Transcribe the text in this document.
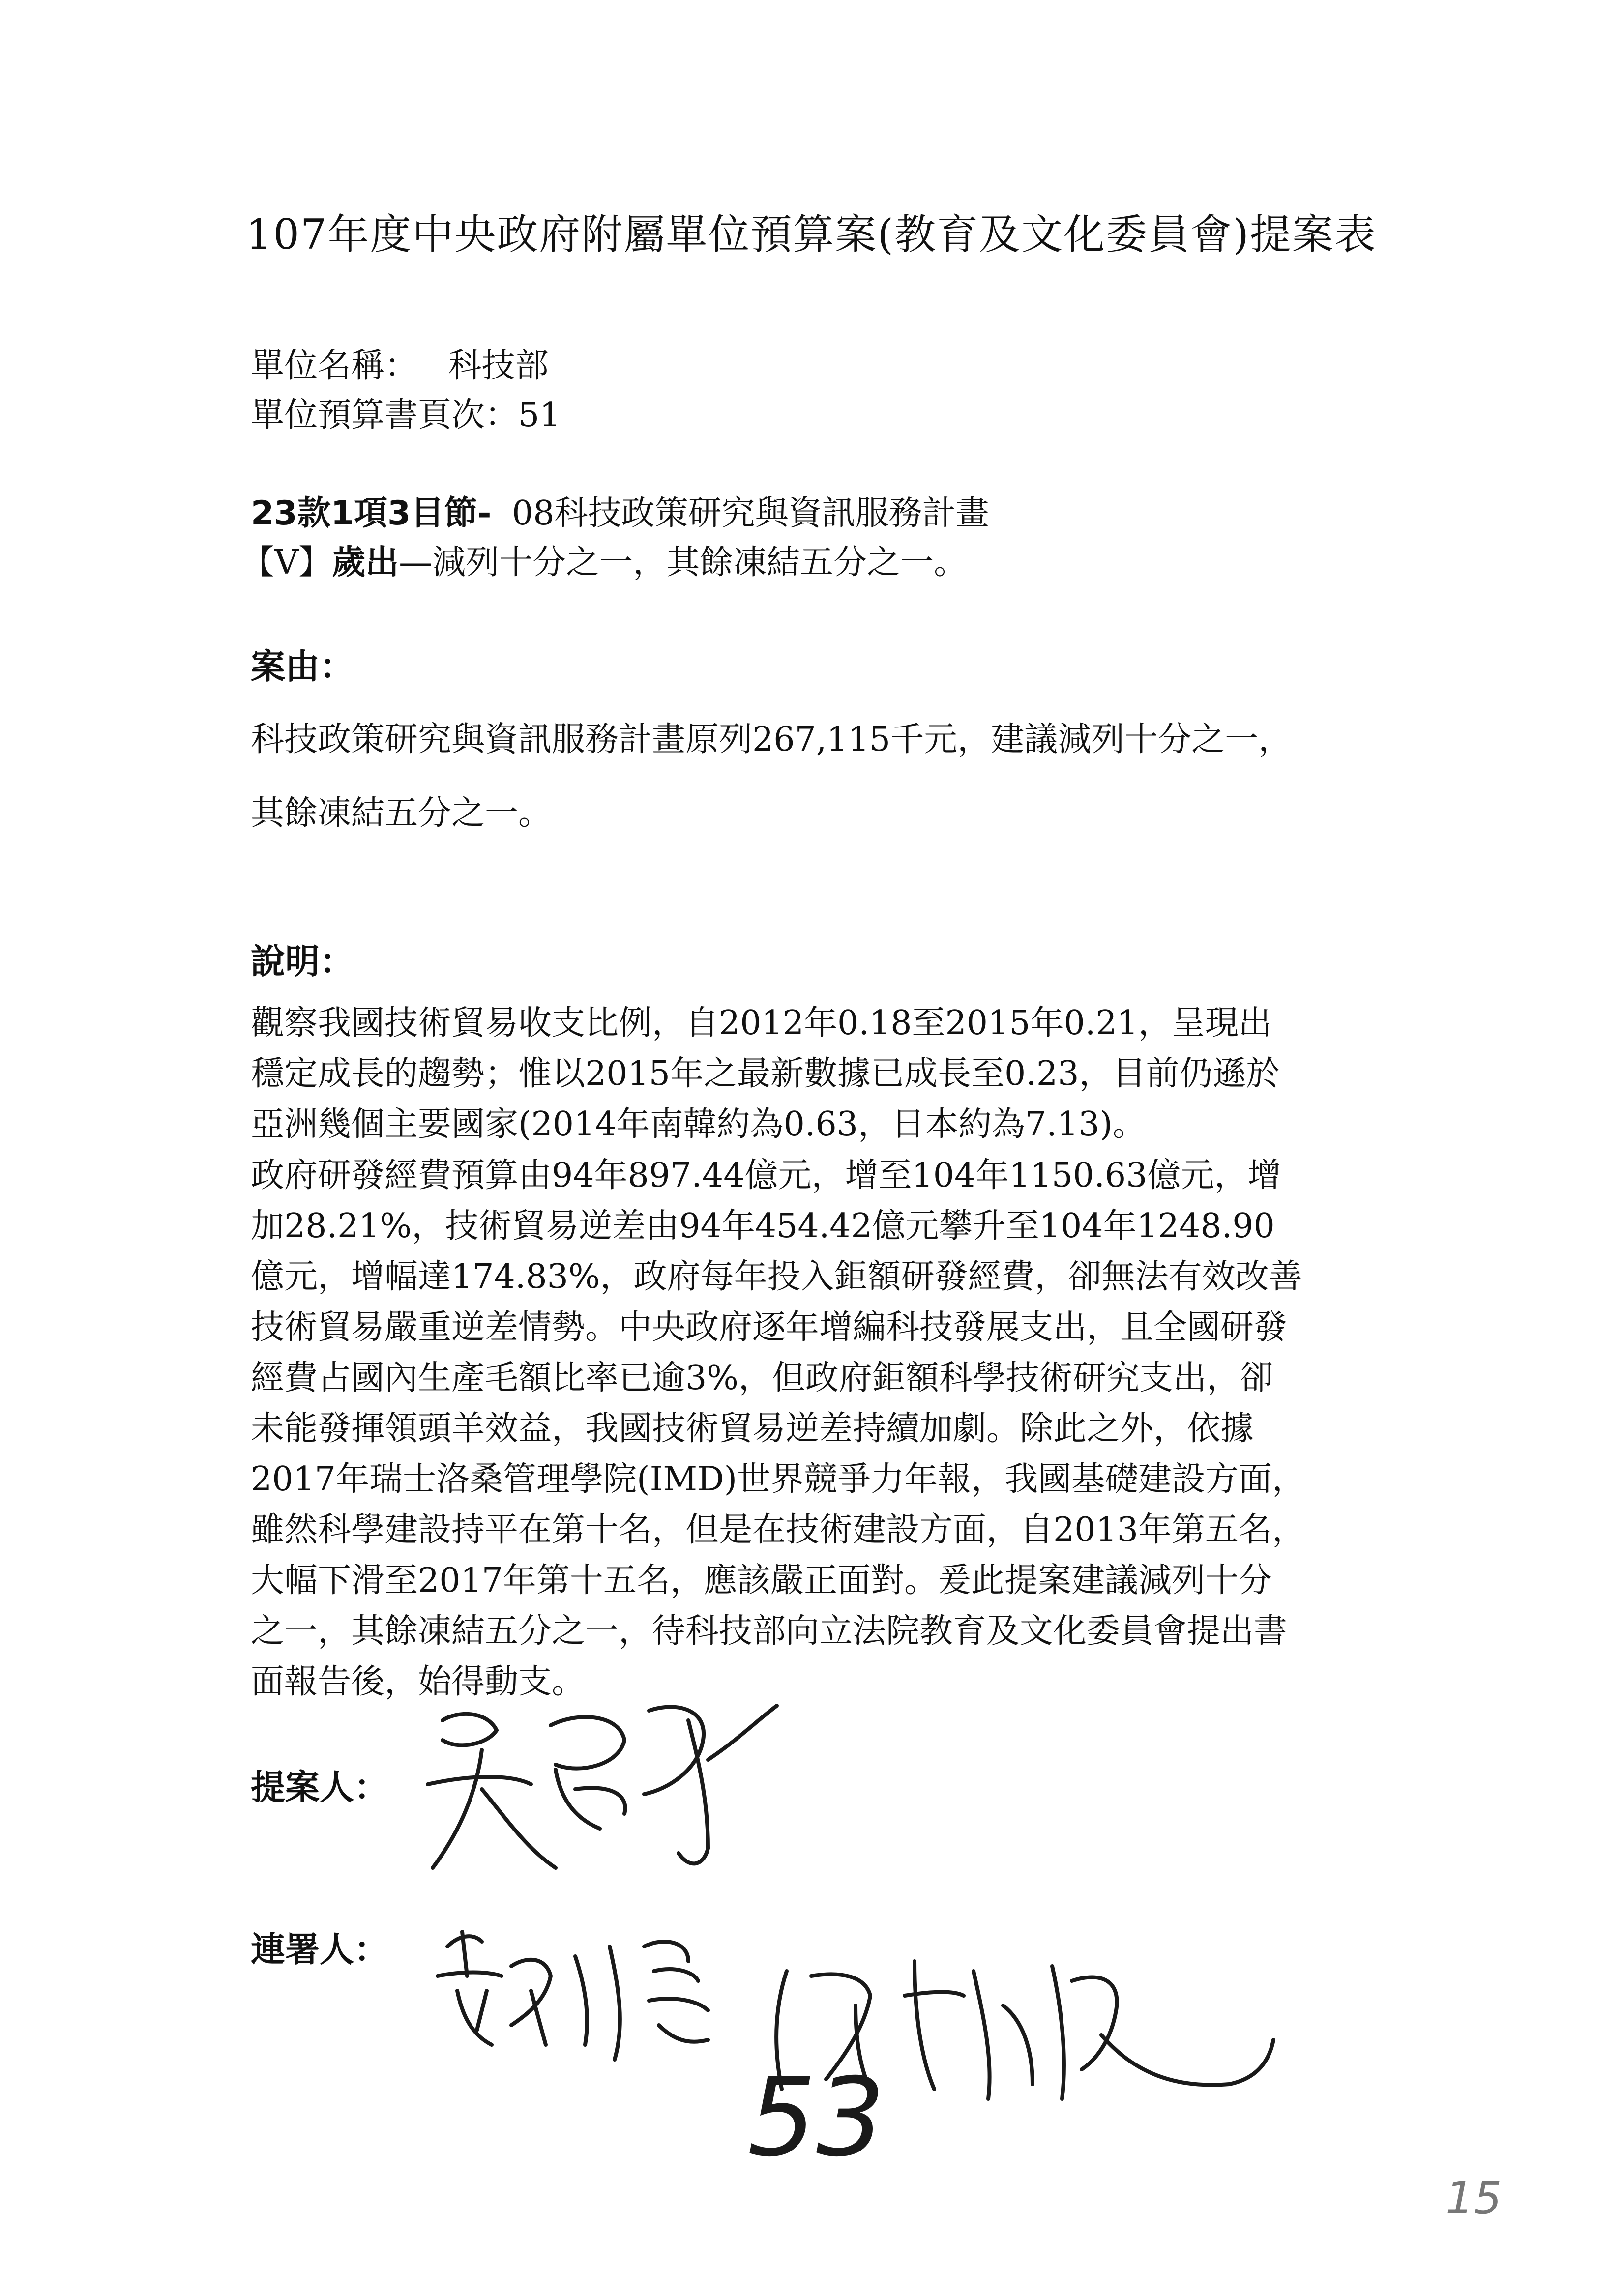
107年度中央政府附屬單位預算案(教育及文化委員會)提案表
單位名稱： 科技部
單位預算書頁次：51
23款1項3目節- 08科技政策研究與資訊服務計畫
【V】歲出—減列十分之一，其餘凍結五分之一。
案由：
科技政策研究與資訊服務計畫原列267,115千元，建議減列十分之一，
其餘凍結五分之一。
說明：
觀察我國技術貿易收支比例，自2012年0.18至2015年0.21，呈現出
穩定成長的趨勢；惟以2015年之最新數據已成長至0.23，目前仍遜於
亞洲幾個主要國家(2014年南韓約為0.63，日本約為7.13)。
政府研發經費預算由94年897.44億元，增至104年1150.63億元，增
加28.21%，技術貿易逆差由94年454.42億元攀升至104年1248.90
億元，增幅達174.83%，政府每年投入鉅額研發經費，卻無法有效改善
技術貿易嚴重逆差情勢。中央政府逐年增編科技發展支出，且全國研發
經費占國內生產毛額比率已逾3%，但政府鉅額科學技術研究支出，卻
未能發揮領頭羊效益，我國技術貿易逆差持續加劇。除此之外，依據
2017年瑞士洛桑管理學院(IMD)世界競爭力年報，我國基礎建設方面，
雖然科學建設持平在第十名，但是在技術建設方面，自2013年第五名，
大幅下滑至2017年第十五名，應該嚴正面對。爰此提案建議減列十分
之一，其餘凍結五分之一，待科技部向立法院教育及文化委員會提出書
面報告後，始得動支。
提案人：
連署人：
53
15
